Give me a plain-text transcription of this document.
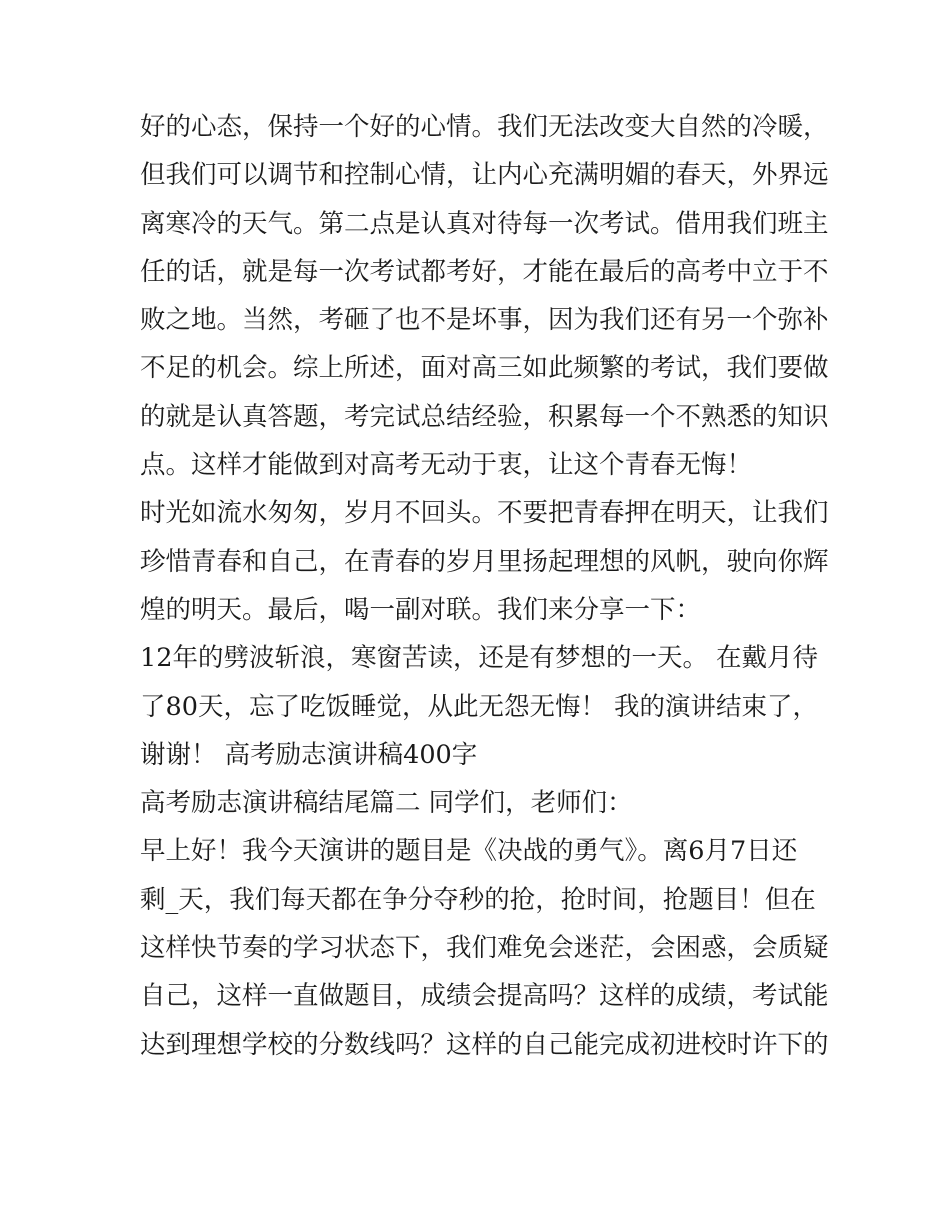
好的心态，保持一个好的心情。我们无法改变大自然的冷暖，
但我们可以调节和控制心情，让内心充满明媚的春天，外界远
离寒冷的天气。第二点是认真对待每一次考试。借用我们班主
任的话，就是每一次考试都考好，才能在最后的高考中立于不
败之地。当然，考砸了也不是坏事，因为我们还有另一个弥补
不足的机会。综上所述，面对高三如此频繁的考试，我们要做
的就是认真答题，考完试总结经验，积累每一个不熟悉的知识
点。这样才能做到对高考无动于衷，让这个青春无悔！
时光如流水匆匆，岁月不回头。不要把青春押在明天，让我们
珍惜青春和自己，在青春的岁月里扬起理想的风帆，驶向你辉
煌的明天。最后，喝一副对联。我们来分享一下：
12年的劈波斩浪，寒窗苦读，还是有梦想的一天。 在戴月待
了80天，忘了吃饭睡觉，从此无怨无悔！ 我的演讲结束了，
谢谢！ 高考励志演讲稿400字
高考励志演讲稿结尾篇二 同学们，老师们：
早上好！我今天演讲的题目是《决战的勇气》。离6月7日还
剩_天，我们每天都在争分夺秒的抢，抢时间，抢题目！但在
这样快节奏的学习状态下，我们难免会迷茫，会困惑，会质疑
自己，这样一直做题目，成绩会提高吗？这样的成绩，考试能
达到理想学校的分数线吗？这样的自己能完成初进校时许下的
